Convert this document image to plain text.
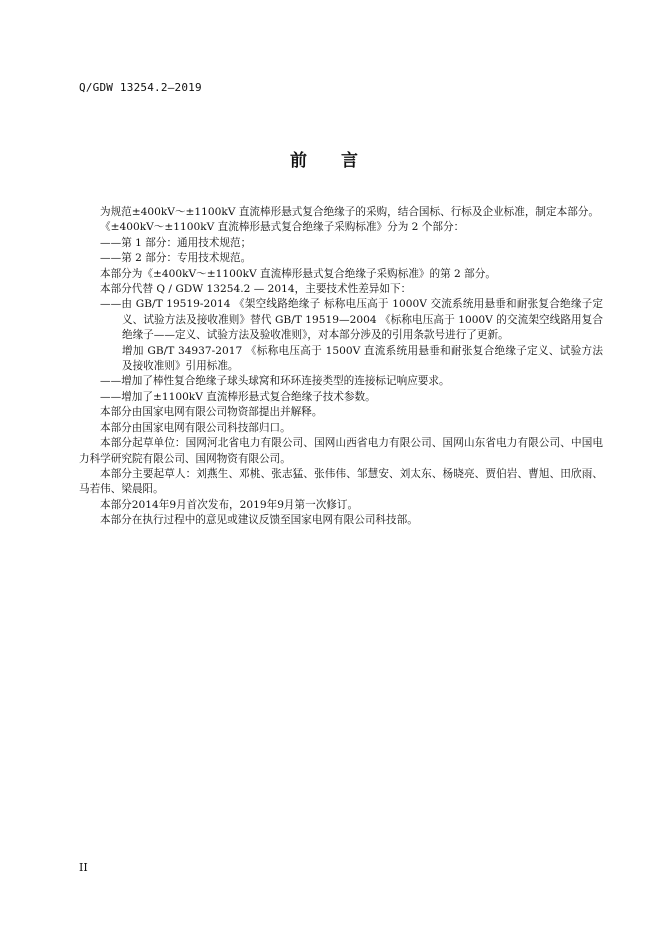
Q/GDW 13254.2—2019
前 言

为规范±400kV～±1100kV 直流棒形悬式复合绝缘子的采购，结合国标、行标及企业标准，制定本部分。

《±400kV～±1100kV 直流棒形悬式复合绝缘子采购标准》分为 2 个部分：

——第 1 部分：通用技术规范；

——第 2 部分：专用技术规范。

本部分为《±400kV～±1100kV 直流棒形悬式复合绝缘子采购标准》的第 2 部分。

本部分代替 Q / GDW 13254.2 — 2014，主要技术性差异如下：

——由 GB/T 19519-2014 《架空线路绝缘子 标称电压高于 1000V 交流系统用悬垂和耐张复合绝缘子定义、试验方法及接收准则》替代 GB/T 19519—2004 《标称电压高于 1000V 的交流架空线路用复合绝缘子——定义、试验方法及验收准则》，对本部分涉及的引用条款号进行了更新。

增加 GB/T 34937-2017 《标称电压高于 1500V 直流系统用悬垂和耐张复合绝缘子定义、试验方法及接收准则》引用标准。

——增加了棒性复合绝缘子球头球窝和环环连接类型的连接标记响应要求。

——增加了±1100kV 直流棒形悬式复合绝缘子技术参数。

本部分由国家电网有限公司物资部提出并解释。

本部分由国家电网有限公司科技部归口。

本部分起草单位：国网河北省电力有限公司、国网山西省电力有限公司、国网山东省电力有限公司、中国电力科学研究院有限公司、国网物资有限公司。

本部分主要起草人：刘燕生、邓桃、张志猛、张伟伟、邹慧安、刘太东、杨晓亮、贾伯岩、曹旭、田欣雨、马若伟、梁晨阳。

本部分2014年9月首次发布，2019年9月第一次修订。

本部分在执行过程中的意见或建议反馈至国家电网有限公司科技部。

II
